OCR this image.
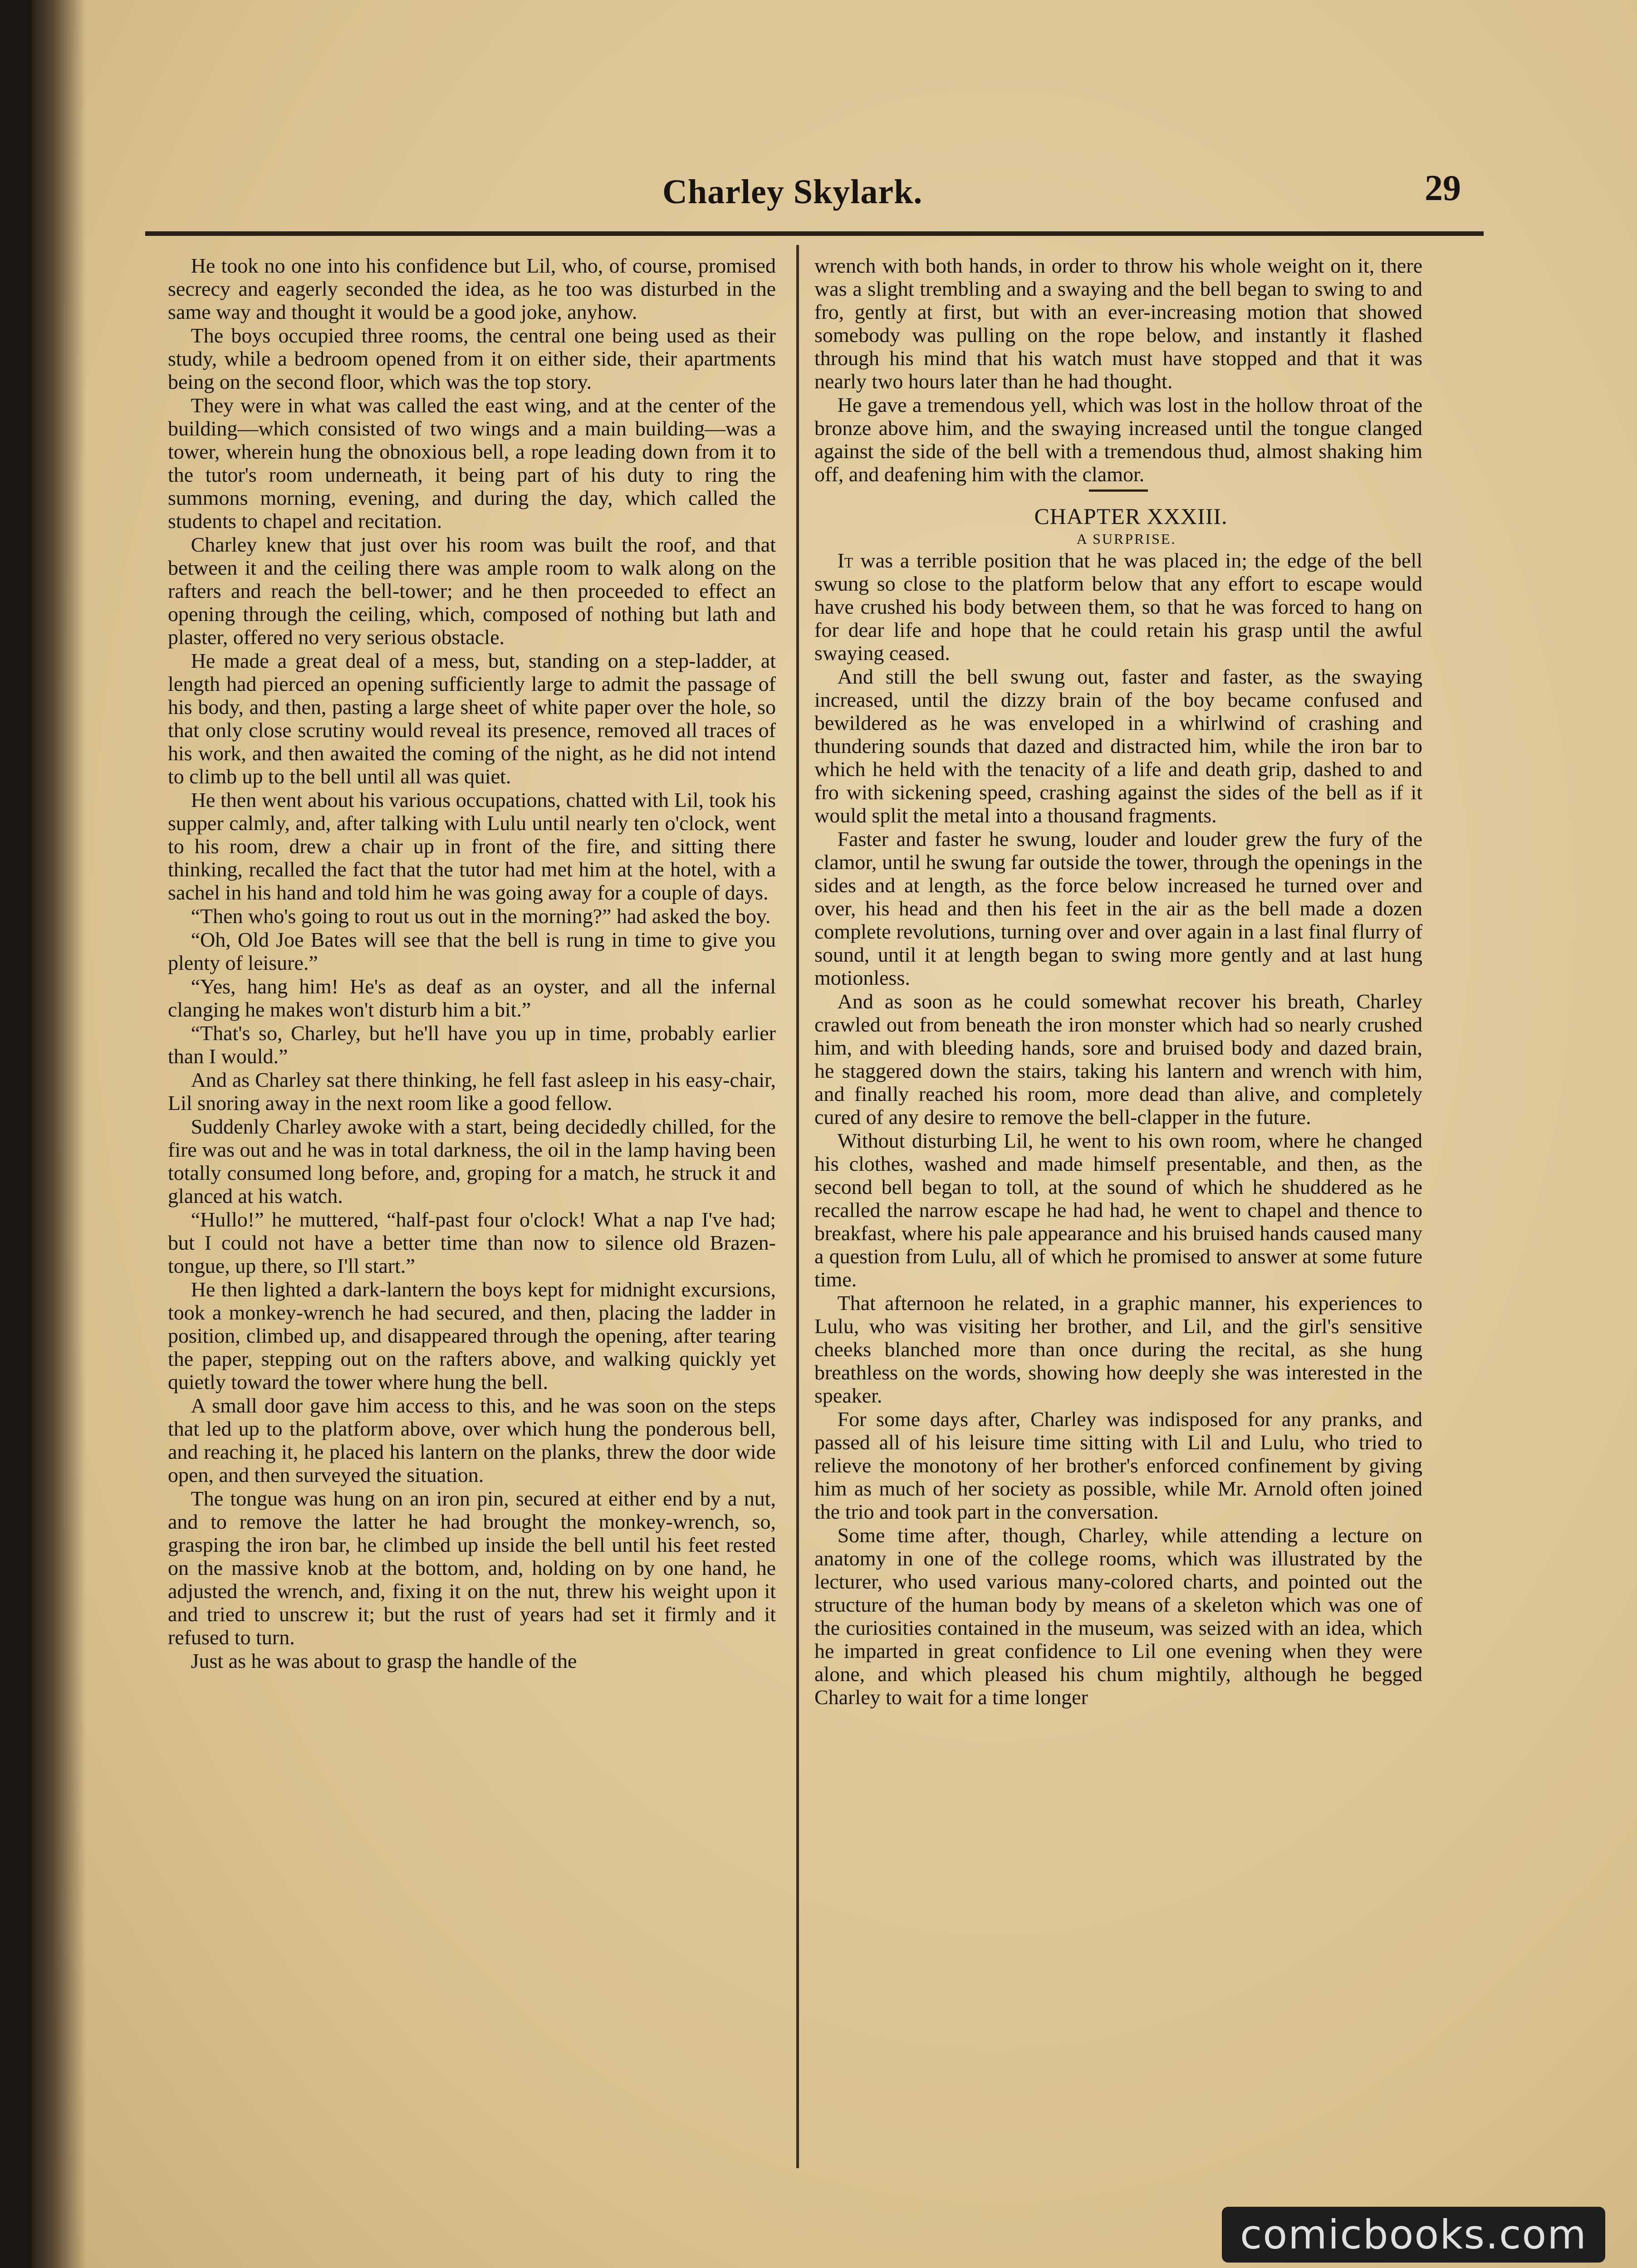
Charley Skylark.	29

He took no one into his confidence but Lil, who, of course, promised secrecy and eagerly seconded the idea, as he too was disturbed in the same way and thought it would be a good joke, anyhow.

The boys occupied three rooms, the central one being used as their study, while a bedroom opened from it on either side, their apartments being on the second floor, which was the top story.

They were in what was called the east wing, and at the center of the building—which consisted of two wings and a main building—was a tower, wherein hung the obnoxious bell, a rope leading down from it to the tutor's room underneath, it being part of his duty to ring the summons morning, evening, and during the day, which called the students to chapel and recitation.

Charley knew that just over his room was built the roof, and that between it and the ceiling there was ample room to walk along on the rafters and reach the bell-tower; and he then proceeded to effect an opening through the ceiling, which, composed of nothing but lath and plaster, offered no very serious obstacle.

He made a great deal of a mess, but, standing on a step-ladder, at length had pierced an opening sufficiently large to admit the passage of his body, and then, pasting a large sheet of white paper over the hole, so that only close scrutiny would reveal its presence, removed all traces of his work, and then awaited the coming of the night, as he did not intend to climb up to the bell until all was quiet.

He then went about his various occupations, chatted with Lil, took his supper calmly, and, after talking with Lulu until nearly ten o'clock, went to his room, drew a chair up in front of the fire, and sitting there thinking, recalled the fact that the tutor had met him at the hotel, with a sachel in his hand and told him he was going away for a couple of days.

“Then who's going to rout us out in the morning?” had asked the boy.

“Oh, Old Joe Bates will see that the bell is rung in time to give you plenty of leisure.”

“Yes, hang him! He's as deaf as an oyster, and all the infernal clanging he makes won't disturb him a bit.”

“That's so, Charley, but he'll have you up in time, probably earlier than I would.”

And as Charley sat there thinking, he fell fast asleep in his easy-chair, Lil snoring away in the next room like a good fellow.

Suddenly Charley awoke with a start, being decidedly chilled, for the fire was out and he was in total darkness, the oil in the lamp having been totally consumed long before, and, groping for a match, he struck it and glanced at his watch.

“Hullo!” he muttered, “half-past four o'clock! What a nap I've had; but I could not have a better time than now to silence old Brazen-tongue, up there, so I'll start.”

He then lighted a dark-lantern the boys kept for midnight excursions, took a monkey-wrench he had secured, and then, placing the ladder in position, climbed up, and disappeared through the opening, after tearing the paper, stepping out on the rafters above, and walking quickly yet quietly toward the tower where hung the bell.

A small door gave him access to this, and he was soon on the steps that led up to the platform above, over which hung the ponderous bell, and reaching it, he placed his lantern on the planks, threw the door wide open, and then surveyed the situation.

The tongue was hung on an iron pin, secured at either end by a nut, and to remove the latter he had brought the monkey-wrench, so, grasping the iron bar, he climbed up inside the bell until his feet rested on the massive knob at the bottom, and, holding on by one hand, he adjusted the wrench, and, fixing it on the nut, threw his weight upon it and tried to unscrew it; but the rust of years had set it firmly and it refused to turn.

Just as he was about to grasp the handle of the

wrench with both hands, in order to throw his whole weight on it, there was a slight trembling and a swaying and the bell began to swing to and fro, gently at first, but with an ever-increasing motion that showed somebody was pulling on the rope below, and instantly it flashed through his mind that his watch must have stopped and that it was nearly two hours later than he had thought.

He gave a tremendous yell, which was lost in the hollow throat of the bronze above him, and the swaying increased until the tongue clanged against the side of the bell with a tremendous thud, almost shaking him off, and deafening him with the clamor.

CHAPTER XXXIII.

A SURPRISE.

It was a terrible position that he was placed in; the edge of the bell swung so close to the platform below that any effort to escape would have crushed his body between them, so that he was forced to hang on for dear life and hope that he could retain his grasp until the awful swaying ceased.

And still the bell swung out, faster and faster, as the swaying increased, until the dizzy brain of the boy became confused and bewildered as he was enveloped in a whirlwind of crashing and thundering sounds that dazed and distracted him, while the iron bar to which he held with the tenacity of a life and death grip, dashed to and fro with sickening speed, crashing against the sides of the bell as if it would split the metal into a thousand fragments.

Faster and faster he swung, louder and louder grew the fury of the clamor, until he swung far outside the tower, through the openings in the sides and at length, as the force below increased he turned over and over, his head and then his feet in the air as the bell made a dozen complete revolutions, turning over and over again in a last final flurry of sound, until it at length began to swing more gently and at last hung motionless.

And as soon as he could somewhat recover his breath, Charley crawled out from beneath the iron monster which had so nearly crushed him, and with bleeding hands, sore and bruised body and dazed brain, he staggered down the stairs, taking his lantern and wrench with him, and finally reached his room, more dead than alive, and completely cured of any desire to remove the bell-clapper in the future.

Without disturbing Lil, he went to his own room, where he changed his clothes, washed and made himself presentable, and then, as the second bell began to toll, at the sound of which he shuddered as he recalled the narrow escape he had had, he went to chapel and thence to breakfast, where his pale appearance and his bruised hands caused many a question from Lulu, all of which he promised to answer at some future time.

That afternoon he related, in a graphic manner, his experiences to Lulu, who was visiting her brother, and Lil, and the girl's sensitive cheeks blanched more than once during the recital, as she hung breathless on the words, showing how deeply she was interested in the speaker.

For some days after, Charley was indisposed for any pranks, and passed all of his leisure time sitting with Lil and Lulu, who tried to relieve the monotony of her brother's enforced confinement by giving him as much of her society as possible, while Mr. Arnold often joined the trio and took part in the conversation.

Some time after, though, Charley, while attending a lecture on anatomy in one of the college rooms, which was illustrated by the lecturer, who used various many-colored charts, and pointed out the structure of the human body by means of a skeleton which was one of the curiosities contained in the museum, was seized with an idea, which he imparted in great confidence to Lil one evening when they were alone, and which pleased his chum mightily, although he begged Charley to wait for a time longer

comicbooks.com
